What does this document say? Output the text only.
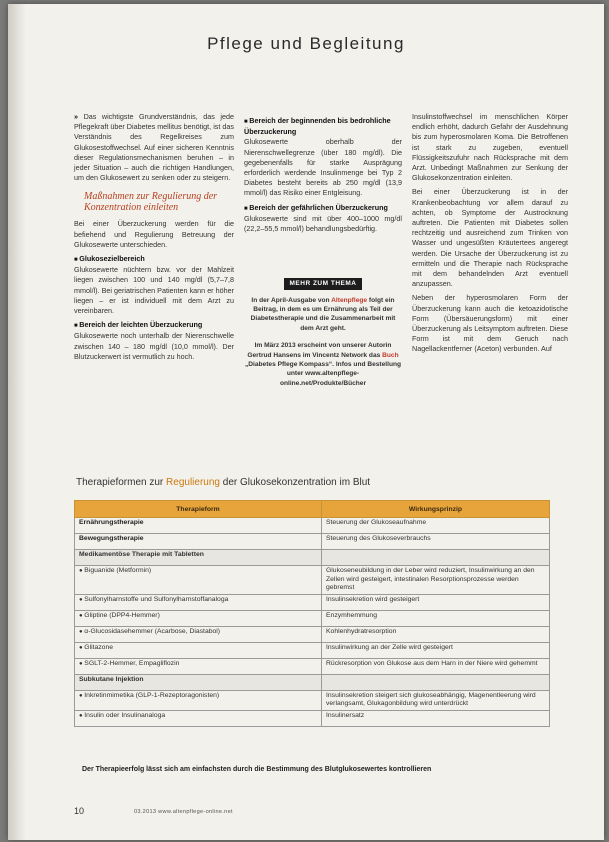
Pflege und Begleitung

» Das wichtigste Grundverständnis, das jede Pflegekraft über Diabetes mellitus benötigt, ist das Verständnis des Regelkreises zum Glukosestoffwechsel. Auf einer sicheren Kenntnis dieser Regulationsmechanismen beruhen – in jeder Situation – auch die richtigen Handlungen, um den Glukosewert zu senken oder zu steigern.

Maßnahmen zur Regulierung der Konzentration einleiten

Bei einer Überzuckerung werden für die befiehend und Regulierung Betreuung der Glukosewerte unterschieden.

■ Glukosezielbereich

Glukosewerte nüchtern bzw. vor der Mahlzeit liegen zwischen 100 und 140 mg/dl (5,7–7,8 mmol/l). Bei geriatrischen Patienten kann er höher liegen – er ist individuell mit dem Arzt zu vereinbaren.

■ Bereich der leichten Überzuckerung

Glukosewerte noch unterhalb der Nierenschwelle zwischen 140 – 180 mg/dl (10,0 mmol/l). Der Blutzuckerwert ist vermutlich zu hoch.

■ Bereich der beginnenden bis bedrohliche Überzuckerung

Glukosewerte oberhalb der Nierenschwellegrenze (über 180 mg/dl). Die gegebenenfalls für starke Ausprägung erforderlich werdende Insulinmenge bei Typ 2 Diabetes besteht bereits ab 250 mg/dl (13,9 mmol/l) das Risiko einer Entgleisung.

■ Bereich der gefährlichen Überzuckerung

Glukosewerte sind mit über 400–1000 mg/dl (22,2–55,5 mmol/l) behandlungsbedürftig.

MEHR ZUM THEMA

In der April-Ausgabe von Altenpflege folgt ein Beitrag, in dem es um Ernährung als Teil der Diabetestherapie und die Zusammenarbeit mit dem Arzt geht.

Im März 2013 erscheint von unserer Autorin Gertrud Hansens im Vincentz Network das Buch „Diabetes Pflege Kompass“. Infos und Bestellung unter www.altenpflege-online.net/Produkte/Bücher

Insulinstoffwechsel im menschlichen Körper endlich erhöht, dadurch Gefahr der Ausdehnung bis zum hyperosmolaren Koma. Die Betroffenen ist stark zu zugeben, eventuell Flüssigkeitszufuhr nach Rücksprache mit dem Arzt. Unbedingt Maßnahmen zur Senkung der Glukosekonzentration einleiten.

Bei einer Überzuckerung ist in der Krankenbeobachtung vor allem darauf zu achten, ob Symptome der Austrocknung auftreten. Die Patienten mit Diabetes sollen rechtzeitig und ausreichend zum Trinken von Wasser und ungesüßten Kräutertees angeregt werden. Die Ursache der Überzuckerung ist zu ermitteln und die Therapie nach Rücksprache mit dem behandelnden Arzt eventuell anzupassen.

Neben der hyperosmolaren Form der Überzuckerung kann auch die ketoazidotische Form (Übersäuerungsform) mit einer Überzuckerung als Leitsymptom auftreten. Diese Form ist mit dem Geruch nach Nagellackentferner (Aceton) verbunden. Auf

Therapieformen zur Regulierung der Glukosekonzentration im Blut
Therapieform	Wirkungsprinzip
Ernährungstherapie	Steuerung der Glukoseaufnahme
Bewegungstherapie	Steuerung des Glukoseverbrauchs
Medikamentöse Therapie mit Tabletten	
● Biguanide (Metformin)	Glukoseneubildung in der Leber wird reduziert, Insulinwirkung an den Zellen wird gesteigert, intestinalen Resorptionsprozesse werden gebremst
● Sulfonylharnstoffe und Sulfonylharnstoffanaloga	Insulinsekretion wird gesteigert
● Gliptine (DPP4-Hemmer)	Enzymhemmung
● α-Glucosidasehemmer (Acarbose, Diastabol)	Kohlenhydratresorption
● Glitazone	Insulinwirkung an der Zelle wird gesteigert
● SGLT-2-Hemmer, Empagliflozin	Rückresorption von Glukose aus dem Harn in der Niere wird gehemmt
Subkutane Injektion	
● Inkretinmimetika (GLP-1-Rezeptoragonisten)	Insulinsekretion steigert sich glukoseabhängig, Magenentleerung wird verlangsamt, Glukagonbildung wird unterdrückt
● Insulin oder Insulinanaloga	Insulinersatz
Der Therapieerfolg lässt sich am einfachsten durch die Bestimmung des Blutglukosewertes kontrollieren
10	03.2013 www.altenpflege-online.net
